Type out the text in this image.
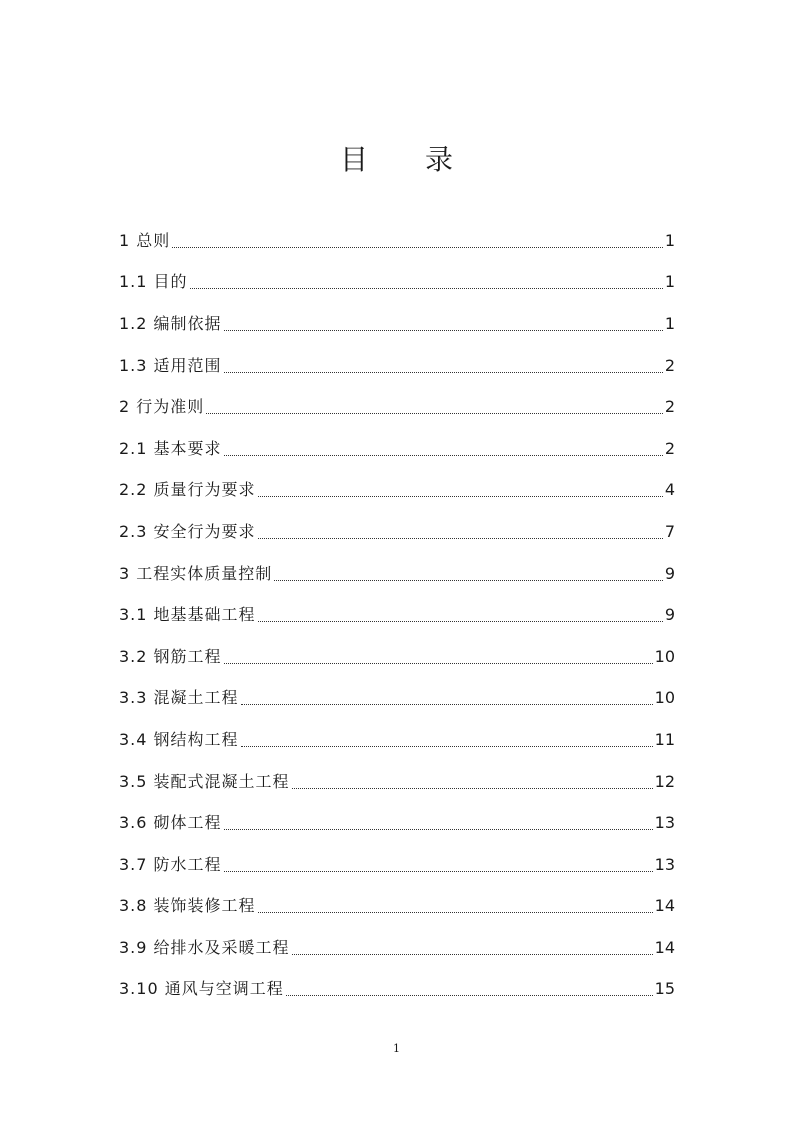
目 录
1 总则	1
1.1 目的	1
1.2 编制依据	1
1.3 适用范围	2
2 行为准则	2
2.1 基本要求	2
2.2 质量行为要求	4
2.3 安全行为要求	7
3 工程实体质量控制	9
3.1 地基基础工程	9
3.2 钢筋工程	10
3.3 混凝土工程	10
3.4 钢结构工程	11
3.5 装配式混凝土工程	12
3.6 砌体工程	13
3.7 防水工程	13
3.8 装饰装修工程	14
3.9 给排水及采暖工程	14
3.10 通风与空调工程	15
1
